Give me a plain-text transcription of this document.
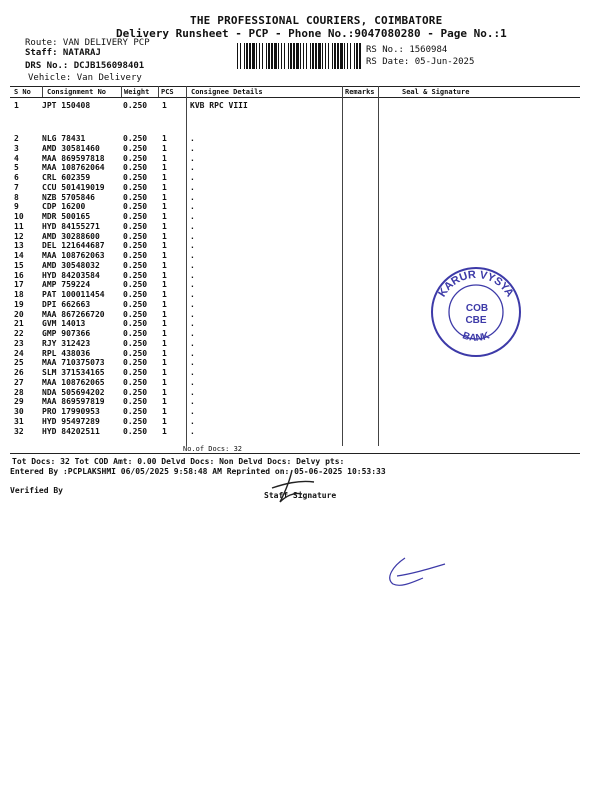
THE PROFESSIONAL COURIERS, COIMBATORE
Delivery Runsheet - PCP - Phone No.:9047080280 - Page No.:1
Route: VAN DELIVERY PCP
Staff: NATARAJ
DRS No.: DCJB156098401
Vehicle: Van Delivery
RS No.: 1560984
RS Date: 05-Jun-2025
S No Consignment No	Weight PCS Consignee Details	Remarks	Seal & Signature
1	JPT 150408	0.250 1	KVB RPC VIII
2	NLG 78431	0.250 1	.
3	AMD 30581460	0.250 1	.
4	MAA 869597818 0.250 1	.
5	MAA 108762064 0.250 1	.
6	CRL 602359	0.250 1	.
7	CCU 501419019 0.250 1	.
8	NZB 5705846	0.250 1	.
9	CDP 16200	0.250 1	.
10 MDR 500165	0.250 1	.
11 HYD 84155271	0.250 1	.
12 AMD 30288600	0.250 1	.
13 DEL 121644687 0.250 1	.
14 MAA 108762063 0.250 1	.
15 AMD 30548032	0.250 1	.
16 HYD 84203584	0.250 1	.
17 AMP 759224	0.250 1	.
18 PAT 100011454 0.250 1	.
19 DPI 662663	0.250 1	.
20 MAA 867266720 0.250 1	.
21 GVM 14013	0.250 1	.
22 GMP 907366	0.250 1	.
23 RJY 312423	0.250 1	.
24 RPL 438036	0.250 1	.
25 MAA 710375073 0.250 1	.
26 SLM 371534165 0.250 1	.
27 MAA 108762065 0.250 1	.
28 NDA 505694202 0.250 1	.
29 MAA 869597819 0.250 1	.
30 PRO 17990953	0.250 1	.
31 HYD 95497289	0.250 1	.
32 HYD 84202511	0.250 1	.
No.of Docs: 32
Tot Docs: 32 Tot COD Amt: 0.00 Delvd Docs: Non Delvd Docs: Delvy pts:
Entered By :PCPLAKSHMI 06/05/2025 9:58:48 AM Reprinted on: 05-06-2025 10:53:33
Verified By
Staff Signature
KARUR VYSYA
BANK
COB
CBE
